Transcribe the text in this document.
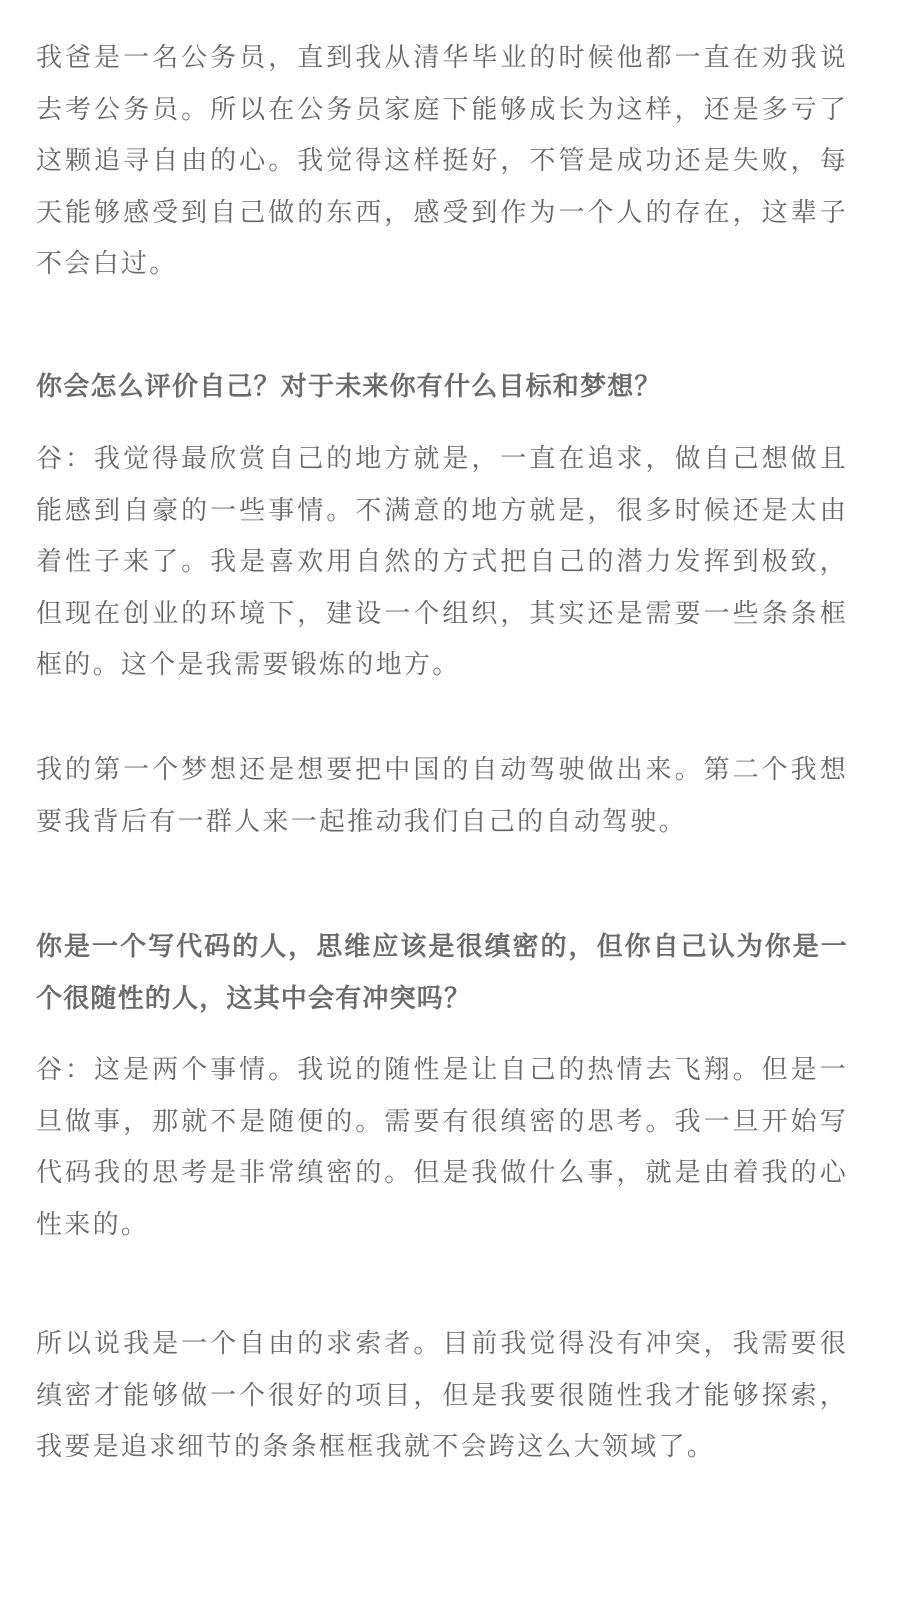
我爸是一名公务员，直到我从清华毕业的时候他都一直在劝我说去考公务员。所以在公务员家庭下能够成长为这样，还是多亏了这颗追寻自由的心。我觉得这样挺好，不管是成功还是失败，每天能够感受到自己做的东西，感受到作为一个人的存在，这辈子不会白过。

你会怎么评价自己？对于未来你有什么目标和梦想？

谷：我觉得最欣赏自己的地方就是，一直在追求，做自己想做且能感到自豪的一些事情。不满意的地方就是，很多时候还是太由着性子来了。我是喜欢用自然的方式把自己的潜力发挥到极致，但现在创业的环境下，建设一个组织，其实还是需要一些条条框框的。这个是我需要锻炼的地方。

我的第一个梦想还是想要把中国的自动驾驶做出来。第二个我想要我背后有一群人来一起推动我们自己的自动驾驶。

你是一个写代码的人，思维应该是很缜密的，但你自己认为你是一个很随性的人，这其中会有冲突吗？

谷：这是两个事情。我说的随性是让自己的热情去飞翔。但是一旦做事，那就不是随便的。需要有很缜密的思考。我一旦开始写代码我的思考是非常缜密的。但是我做什么事，就是由着我的心性来的。

所以说我是一个自由的求索者。目前我觉得没有冲突，我需要很缜密才能够做一个很好的项目，但是我要很随性我才能够探索，我要是追求细节的条条框框我就不会跨这么大领域了。
